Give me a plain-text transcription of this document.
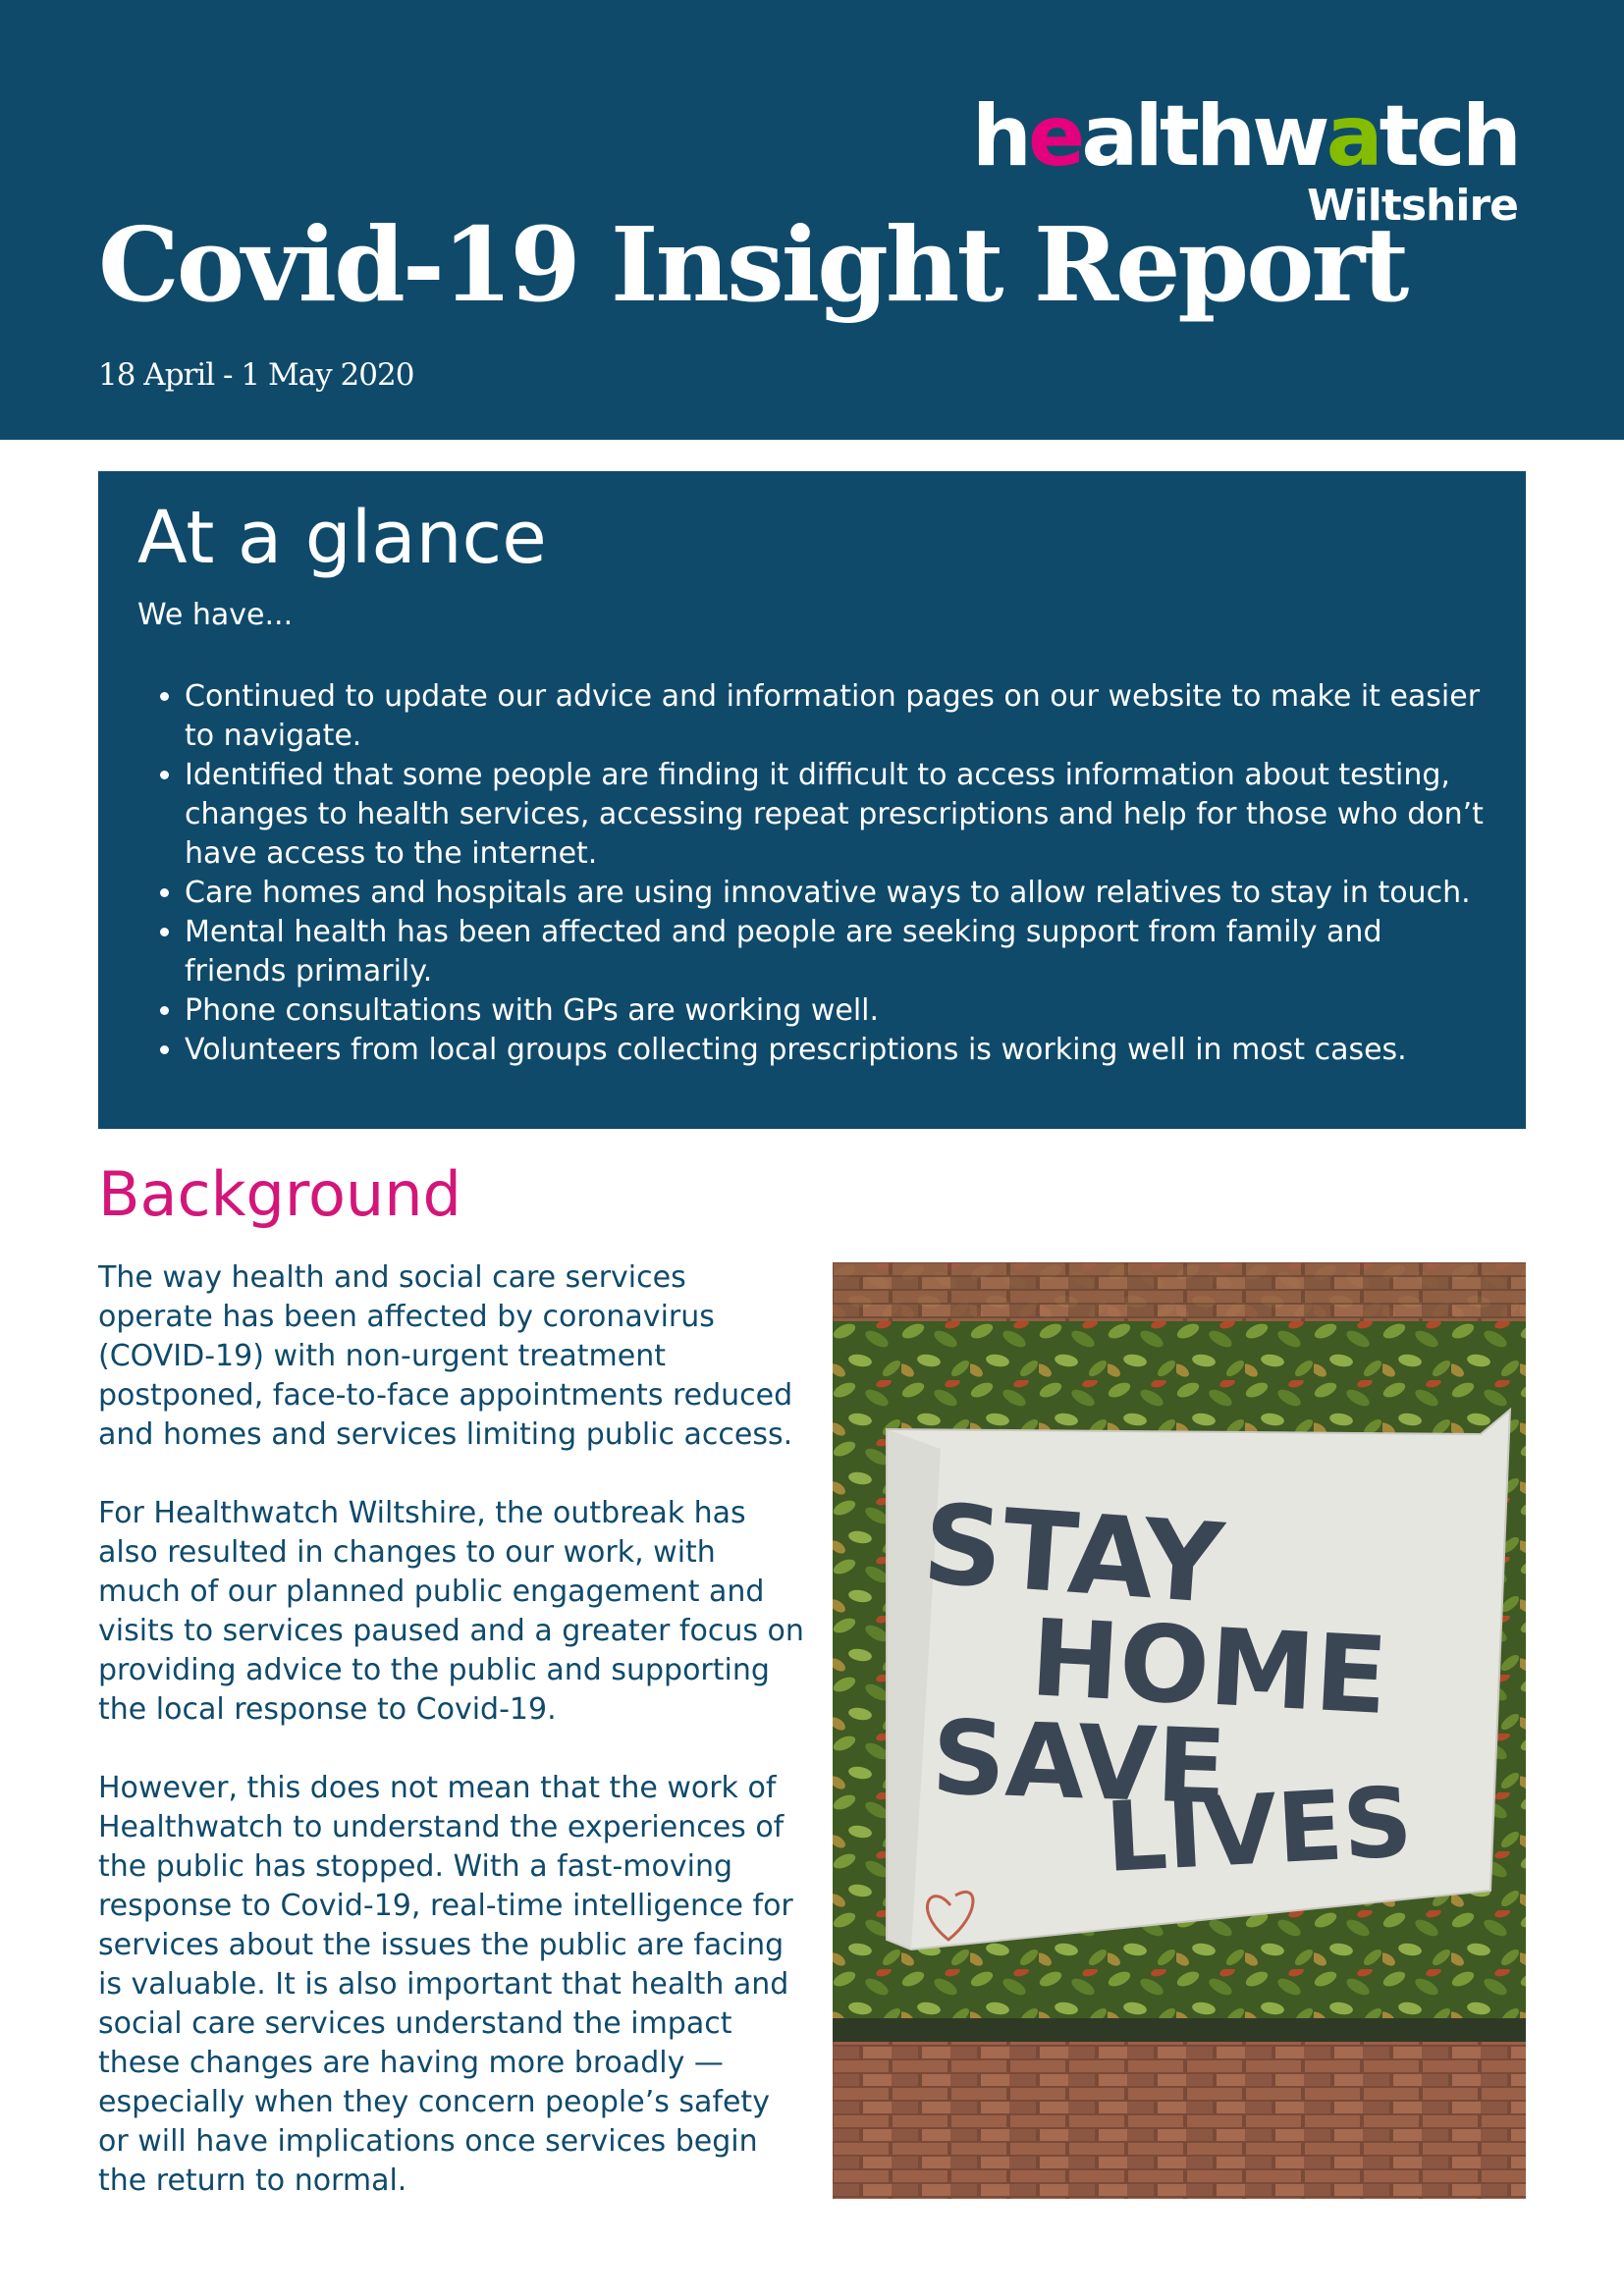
healthwatch
Wiltshire
Covid-19 Insight Report
18 April - 1 May 2020
At a glance
We have...
• Continued to update our advice and information pages on our website to make it easier to navigate.
• Identified that some people are finding it difficult to access information about testing, changes to health services, accessing repeat prescriptions and help for those who don’t have access to the internet.
• Care homes and hospitals are using innovative ways to allow relatives to stay in touch.
• Mental health has been affected and people are seeking support from family and friends primarily.
• Phone consultations with GPs are working well.
• Volunteers from local groups collecting prescriptions is working well in most cases.
Background

The way health and social care services operate has been affected by coronavirus (COVID-19) with non-urgent treatment postponed, face-to-face appointments reduced and homes and services limiting public access.

For Healthwatch Wiltshire, the outbreak has also resulted in changes to our work, with much of our planned public engagement and visits to services paused and a greater focus on providing advice to the public and supporting the local response to Covid-19.

However, this does not mean that the work of Healthwatch to understand the experiences of the public has stopped. With a fast-moving response to Covid-19, real-time intelligence for services about the issues the public are facing is valuable. It is also important that health and social care services understand the impact these changes are having more broadly — especially when they concern people’s safety or will have implications once services begin the return to normal.

STAY
HOME
SAVE
LIVES
